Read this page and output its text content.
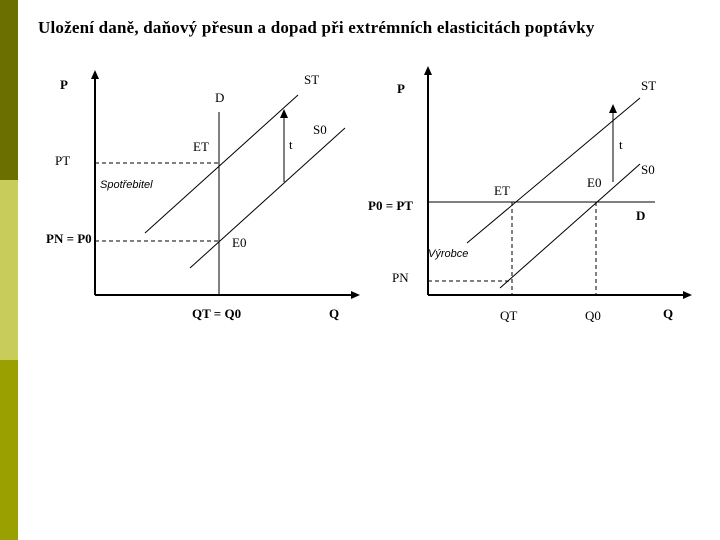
Uložení daně, daňový přesun a dopad při extrémních elasticitách poptávky
P
Q
D
ST
S0
t
ET
E0
PT
PN = P0
QT = Q0
Spotřebitel
P
Q
D
ST
S0
t
ET
E0
P0 = PT
PN
QT	Q0
Výrobce
